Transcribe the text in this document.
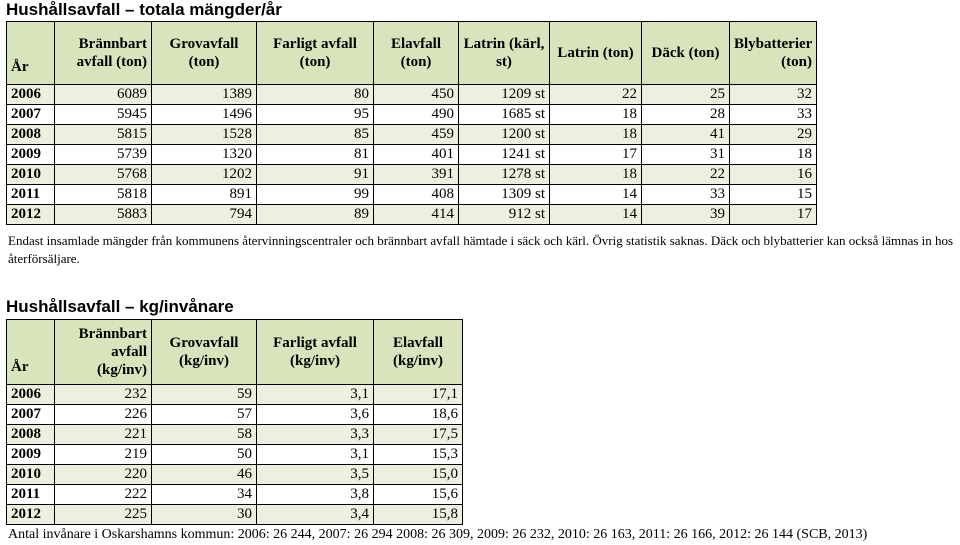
Hushållsavfall – totala mängder/år
År	Brännbart avfall (ton)	Grovavfall (ton)	Farligt avfall (ton)	Elavfall (ton)	Latrin (kärl, st)	Latrin (ton)	Däck (ton)	Blybatterier (ton)
2006	6089	1389	80	450	1209 st	22	25	32
2007	5945	1496	95	490	1685 st	18	28	33
2008	5815	1528	85	459	1200 st	18	41	29
2009	5739	1320	81	401	1241 st	17	31	18
2010	5768	1202	91	391	1278 st	18	22	16
2011	5818	891	99	408	1309 st	14	33	15
2012	5883	794	89	414	912 st	14	39	17
Endast insamlade mängder från kommunens återvinningscentraler och brännbart avfall hämtade i säck och kärl. Övrig statistik saknas. Däck och blybatterier kan också lämnas in hos återförsäljare.
Hushållsavfall – kg/invånare
År	Brännbart avfall (kg/inv)	Grovavfall (kg/inv)	Farligt avfall (kg/inv)	Elavfall (kg/inv)
2006	232	59	3,1	17,1
2007	226	57	3,6	18,6
2008	221	58	3,3	17,5
2009	219	50	3,1	15,3
2010	220	46	3,5	15,0
2011	222	34	3,8	15,6
2012	225	30	3,4	15,8
Antal invånare i Oskarshamns kommun: 2006: 26 244, 2007: 26 294 2008: 26 309, 2009: 26 232, 2010: 26 163, 2011: 26 166, 2012: 26 144 (SCB, 2013)
